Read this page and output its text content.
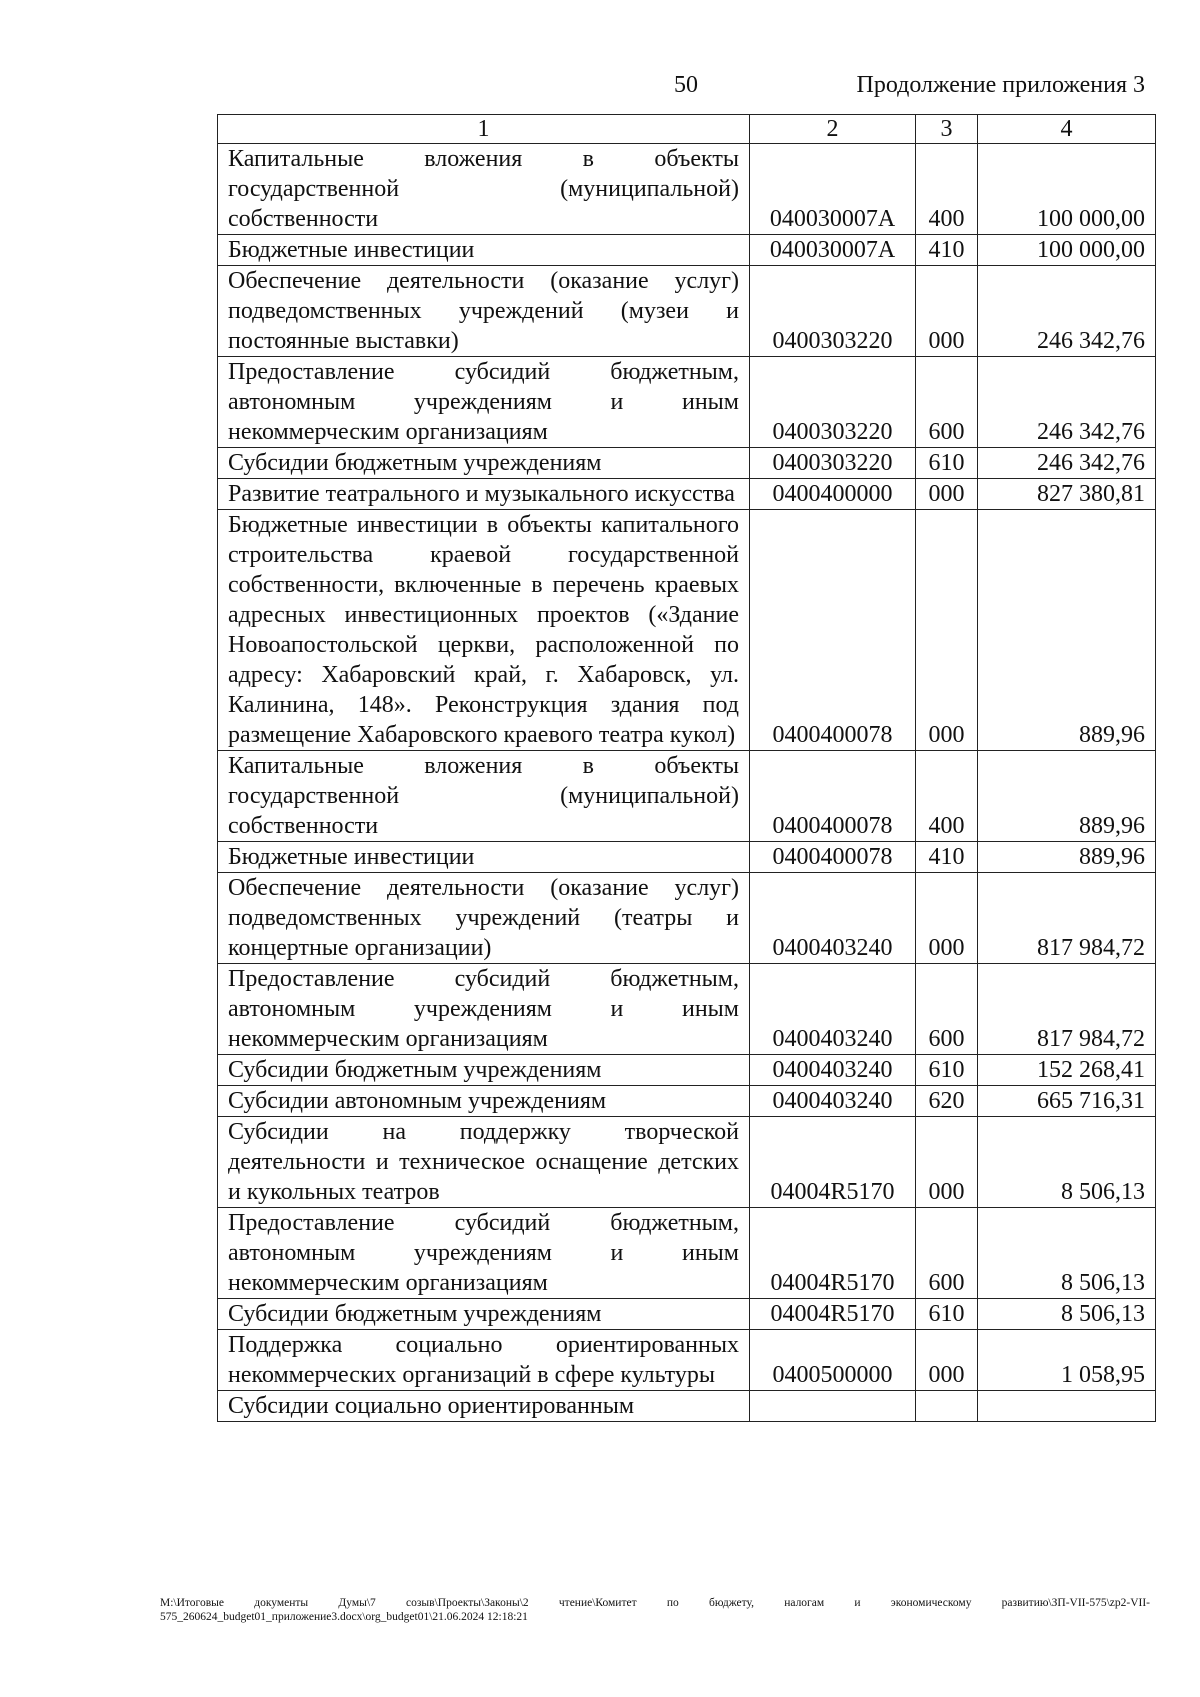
50	Продолжение приложения 3
1	2	3	4
Капитальные вложения в объекты государственной (муниципальной) собственности	040030007A	400	100 000,00
Бюджетные инвестиции	040030007A	410	100 000,00
Обеспечение деятельности (оказание услуг) подведомственных учреждений (музеи и постоянные выставки)	0400303220	000	246 342,76
Предоставление субсидий бюджетным, автономным учреждениям и иным некоммерческим организациям	0400303220	600	246 342,76
Субсидии бюджетным учреждениям	0400303220	610	246 342,76
Развитие театрального и музыкального искусства	0400400000	000	827 380,81
Бюджетные инвестиции в объекты капитального строительства краевой государственной собственности, включенные в перечень краевых адресных инвестиционных проектов («Здание Новоапостольской церкви, расположенной по адресу: Хабаровский край, г. Хабаровск, ул. Калинина, 148». Реконструкция здания под размещение Хабаровского краевого театра кукол)	0400400078	000	889,96
Капитальные вложения в объекты государственной (муниципальной) собственности	0400400078	400	889,96
Бюджетные инвестиции	0400400078	410	889,96
Обеспечение деятельности (оказание услуг) подведомственных учреждений (театры и концертные организации)	0400403240	000	817 984,72
Предоставление субсидий бюджетным, автономным учреждениям и иным некоммерческим организациям	0400403240	600	817 984,72
Субсидии бюджетным учреждениям	0400403240	610	152 268,41
Субсидии автономным учреждениям	0400403240	620	665 716,31
Субсидии на поддержку творческой деятельности и техническое оснащение детских и кукольных театров	04004R5170	000	8 506,13
Предоставление субсидий бюджетным, автономным учреждениям и иным некоммерческим организациям	04004R5170	600	8 506,13
Субсидии бюджетным учреждениям	04004R5170	610	8 506,13
Поддержка социально ориентированных некоммерческих организаций в сфере культуры	0400500000	000	1 058,95
Субсидии социально ориентированным			
М:\Итоговые документы Думы\7 созыв\Проекты\Законы\2 чтение\Комитет по бюджету, налогам и экономическому развитию\ЗП-VII-575\zp2-VII-575_260624_budget01_приложение3.docx\org_budget01\21.06.2024 12:18:21
